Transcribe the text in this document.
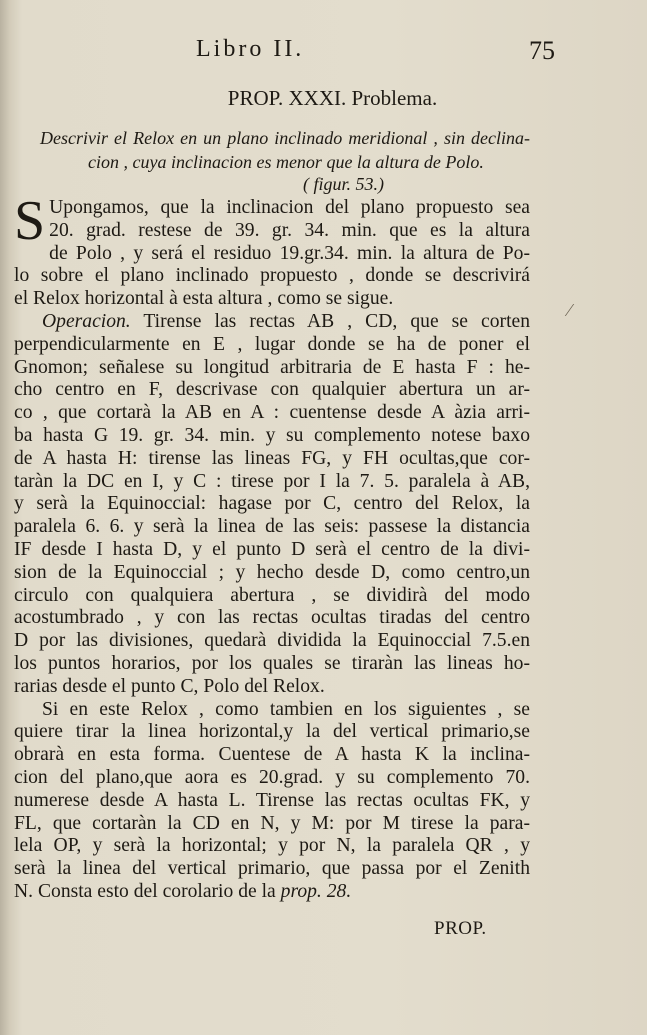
Libro II.	75
PROP. XXXI. Problema.
Descrivir el Relox en un plano inclinado meridional , sin declina-
cion , cuya inclinacion es menor que la altura de Polo.
( figur. 53.)
⁄
S Upongamos, que la inclinacion del plano propuesto sea
20. grad. restese de 39. gr. 34. min. que es la altura
de Polo , y será el residuo 19.gr.34. min. la altura de Po-
lo sobre el plano inclinado propuesto , donde se descrivirá
el Relox horizontal à esta altura , como se sigue.
Operacion. Tirense las rectas AB , CD, que se corten
perpendicularmente en E , lugar donde se ha de poner el
Gnomon; señalese su longitud arbitraria de E hasta F : he-
cho centro en F, descrivase con qualquier abertura un ar-
co , que cortarà la AB en A : cuentense desde A àzia arri-
ba hasta G 19. gr. 34. min. y su complemento notese baxo
de A hasta H: tirense las lineas FG, y FH ocultas,que cor-
taràn la DC en I, y C : tirese por I la 7. 5. paralela à AB,
y serà la Equinoccial: hagase por C, centro del Relox, la
paralela 6. 6. y serà la linea de las seis: passese la distancia
IF desde I hasta D, y el punto D serà el centro de la divi-
sion de la Equinoccial ; y hecho desde D, como centro,un
circulo con qualquiera abertura , se dividirà del modo
acostumbrado , y con las rectas ocultas tiradas del centro
D por las divisiones, quedarà dividida la Equinoccial 7.5.en
los puntos horarios, por los quales se tiraràn las lineas ho-
rarias desde el punto C, Polo del Relox.
Si en este Relox , como tambien en los siguientes , se
quiere tirar la linea horizontal,y la del vertical primario,se
obrarà en esta forma. Cuentese de A hasta K la inclina-
cion del plano,que aora es 20.grad. y su complemento 70.
numerese desde A hasta L. Tirense las rectas ocultas FK, y
FL, que cortaràn la CD en N, y M: por M tirese la para-
lela OP, y serà la horizontal; y por N, la paralela QR , y
serà la linea del vertical primario, que passa por el Zenith
N. Consta esto del corolario de la prop. 28.
PROP.
